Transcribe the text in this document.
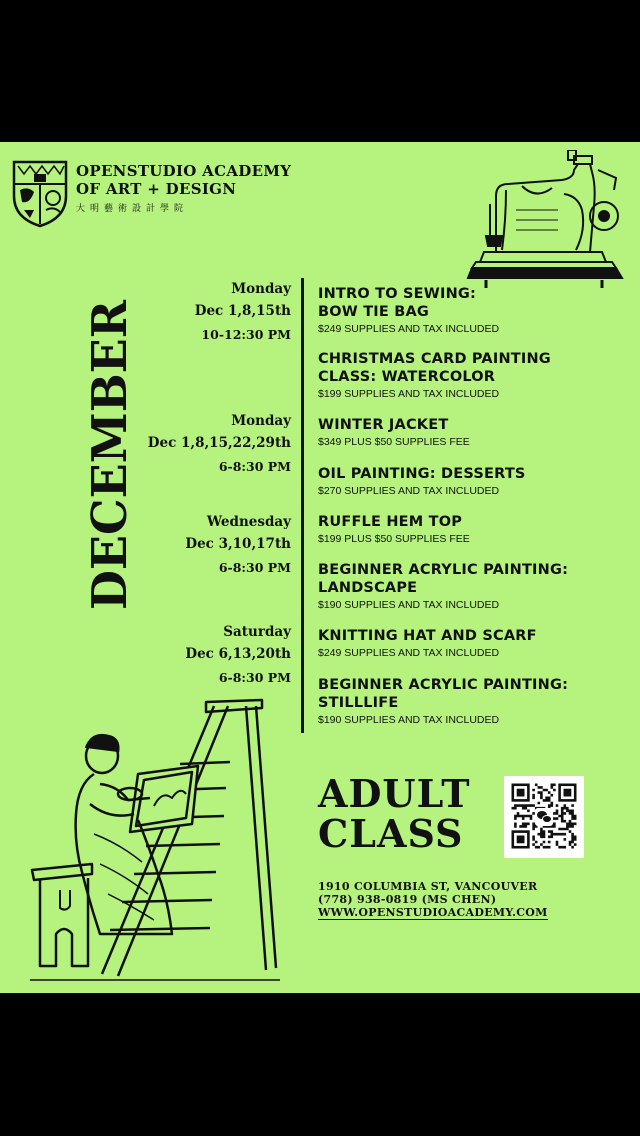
OPENSTUDIO ACADEMY
OF ART + DESIGN
大明藝術設計學院
DECEMBER	Monday
Dec 1,8,15th
10-12:30 PM
Monday
Dec 1,8,15,22,29th
6-8:30 PM
Wednesday
Dec 3,10,17th
6-8:30 PM
Saturday
Dec 6,13,20th
6-8:30 PM
INTRO TO SEWING:
BOW TIE BAG
$249 SUPPLIES AND TAX INCLUDED
CHRISTMAS CARD PAINTING
CLASS: WATERCOLOR
$199 SUPPLIES AND TAX INCLUDED
WINTER JACKET
$349 PLUS $50 SUPPLIES FEE
OIL PAINTING: DESSERTS
$270 SUPPLIES AND TAX INCLUDED
RUFFLE HEM TOP
$199 PLUS $50 SUPPLIES FEE
BEGINNER ACRYLIC PAINTING:
LANDSCAPE
$190 SUPPLIES AND TAX INCLUDED
KNITTING HAT AND SCARF
$249 SUPPLIES AND TAX INCLUDED
BEGINNER ACRYLIC PAINTING:
STILLLIFE
$190 SUPPLIES AND TAX INCLUDED
ADULT
CLASS
1910 COLUMBIA ST, VANCOUVER
(778) 938-0819 (MS CHEN)
WWW.OPENSTUDIOACADEMY.COM
